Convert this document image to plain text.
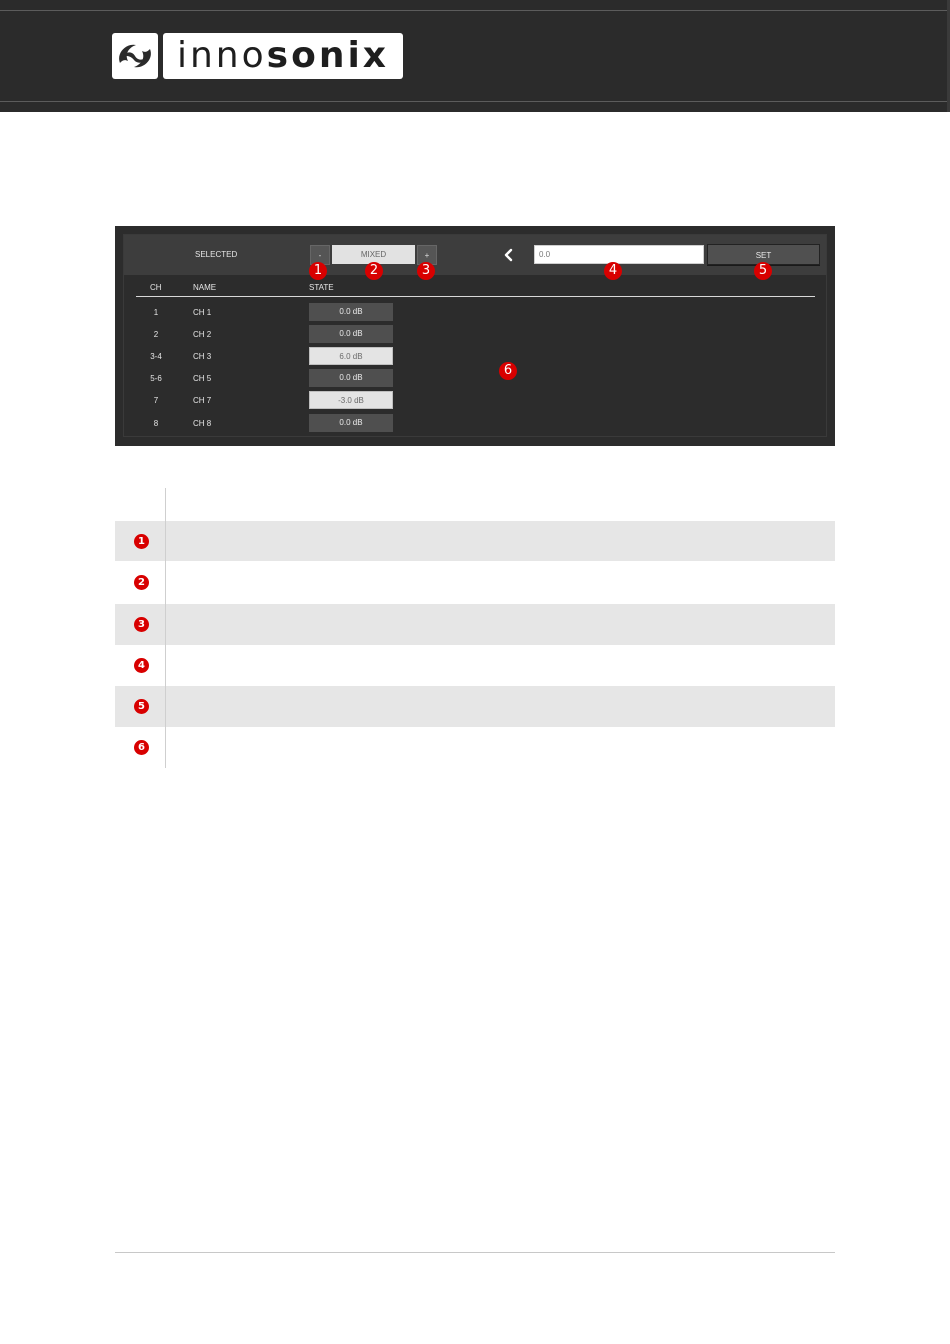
innosonix
SELECTED	-	MIXED	+
0.0	SET
1	2	3	4	5
CH	NAME	STATE
1	CH 1	0.0 dB
2	CH 2	0.0 dB
3-4	CH 3	6.0 dB
5-6	CH 5	0.0 dB
7	CH 7	-3.0 dB
8	CH 8	0.0 dB
6
1
2
3
4
5
6
